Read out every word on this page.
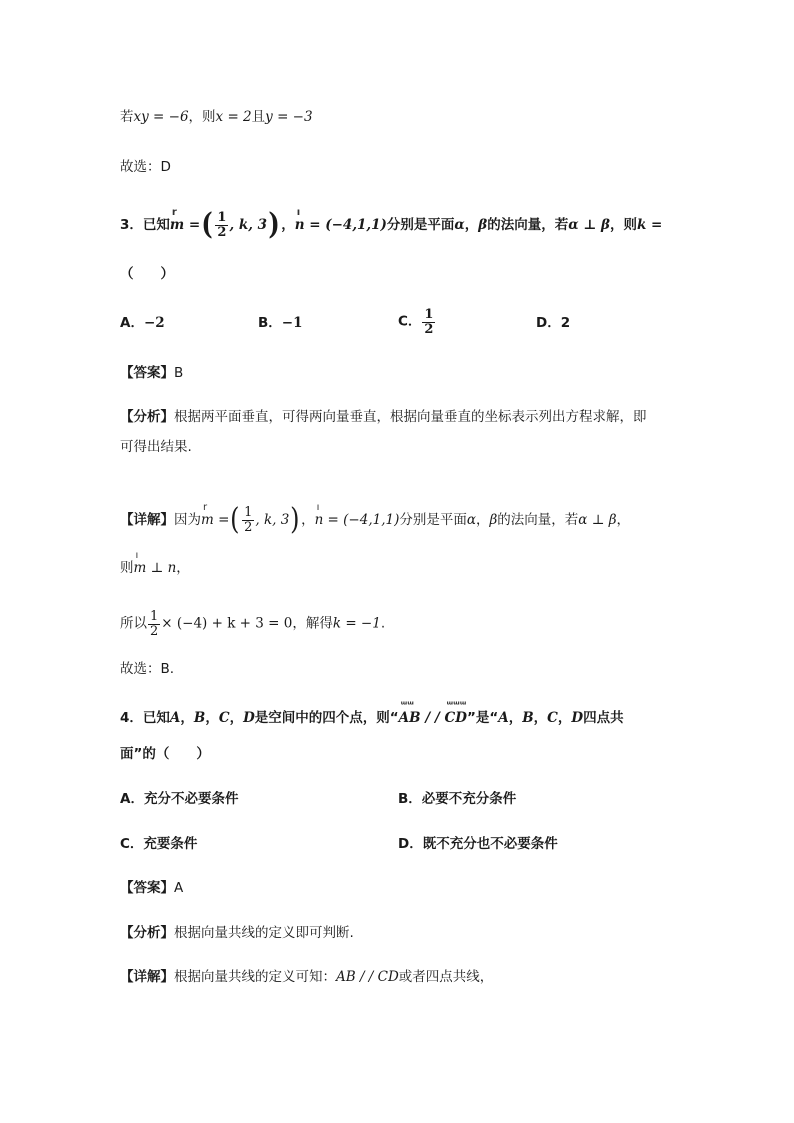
若xy = −6，则x = 2且y = −3
故选：D
3．已知r m =( $\frac{1}{2}$ , k, 3)，ı n = (−4,1,1)分别是平面α，β的法向量，若α ⊥ β，则k =
（　　）
A．−2	B．−1	C． $\frac{1}{2}$	D．2
【答案】B
【分析】根据两平面垂直，可得两向量垂直，根据向量垂直的坐标表示列出方程求解，即
可得出结果.
【详解】因为r m =( $\frac{1}{2}$ , k, 3)，ı n = (−4,1,1)分别是平面α，β的法向量，若α ⊥ β，
则ı m ⊥ n，
所以 $\frac{1}{2} \times (-4) + k + 3 = 0$，解得k = −1.
故选：B.
4．已知A，B，C，D是空间中的四个点，则“ᵚᵚ AB / / ᵚᵚᵚ CD”是“A，B，C，D四点共
面”的（　　）
A．充分不必要条件	B．必要不充分条件
C．充要条件	D．既不充分也不必要条件
【答案】A
【分析】根据向量共线的定义即可判断.
【详解】根据向量共线的定义可知：AB / / CD或者四点共线，
